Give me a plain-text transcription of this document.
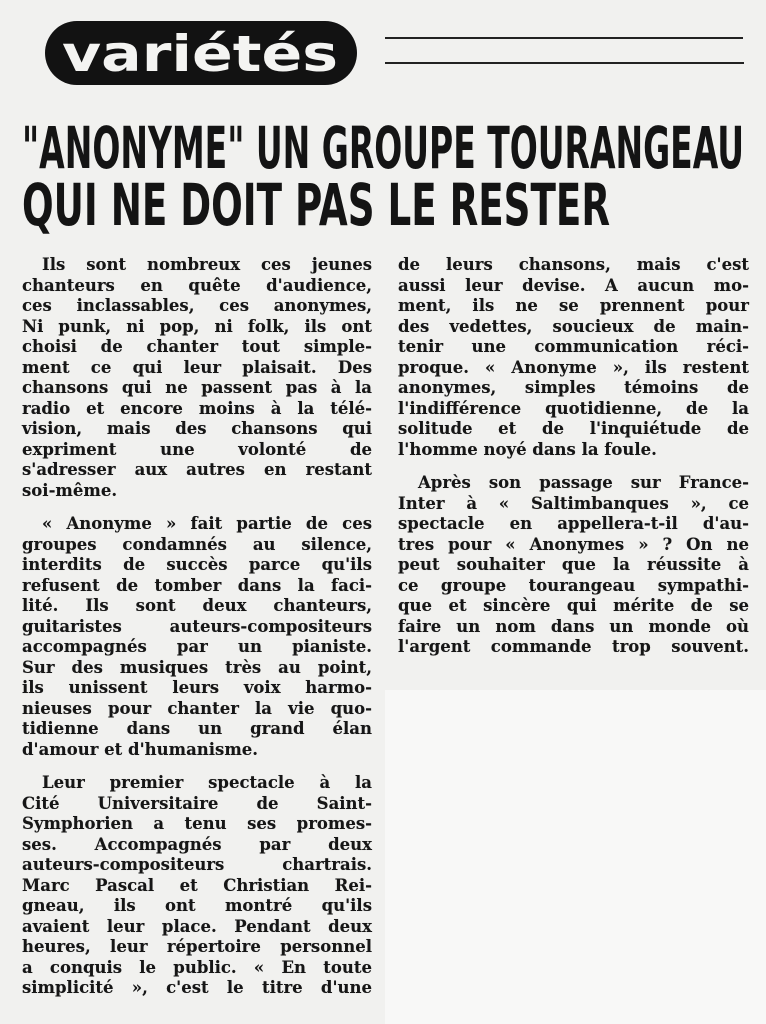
variétés
"ANONYME" UN GROUPE TOURANGEAU
QUI NE DOIT PAS LE RESTER
Ils sont nombreux ces jeunes
chanteurs en quête d'audience,
ces inclassables, ces anonymes,
Ni punk, ni pop, ni folk, ils ont
choisi de chanter tout simple-
ment ce qui leur plaisait. Des
chansons qui ne passent pas à la
radio et encore moins à la télé-
vision, mais des chansons qui
expriment une volonté de
s'adresser aux autres en restant
soi-même.
« Anonyme » fait partie de ces
groupes condamnés au silence,
interdits de succès parce qu'ils
refusent de tomber dans la faci-
lité. Ils sont deux chanteurs,
guitaristes auteurs-compositeurs
accompagnés par un pianiste.
Sur des musiques très au point,
ils unissent leurs voix harmo-
nieuses pour chanter la vie quo-
tidienne dans un grand élan
d'amour et d'humanisme.
Leur premier spectacle à la
Cité Universitaire de Saint-
Symphorien a tenu ses promes-
ses. Accompagnés par deux
auteurs-compositeurs chartrais.
Marc Pascal et Christian Rei-
gneau, ils ont montré qu'ils
avaient leur place. Pendant deux
heures, leur répertoire personnel
a conquis le public. « En toute
simplicité », c'est le titre d'une
de leurs chansons, mais c'est
aussi leur devise. A aucun mo-
ment, ils ne se prennent pour
des vedettes, soucieux de main-
tenir une communication réci-
proque. « Anonyme », ils restent
anonymes, simples témoins de
l'indifférence quotidienne, de la
solitude et de l'inquiétude de
l'homme noyé dans la foule.
Après son passage sur France-
Inter à « Saltimbanques », ce
spectacle en appellera-t-il d'au-
tres pour « Anonymes » ? On ne
peut souhaiter que la réussite à
ce groupe tourangeau sympathi-
que et sincère qui mérite de se
faire un nom dans un monde où
l'argent commande trop souvent.
